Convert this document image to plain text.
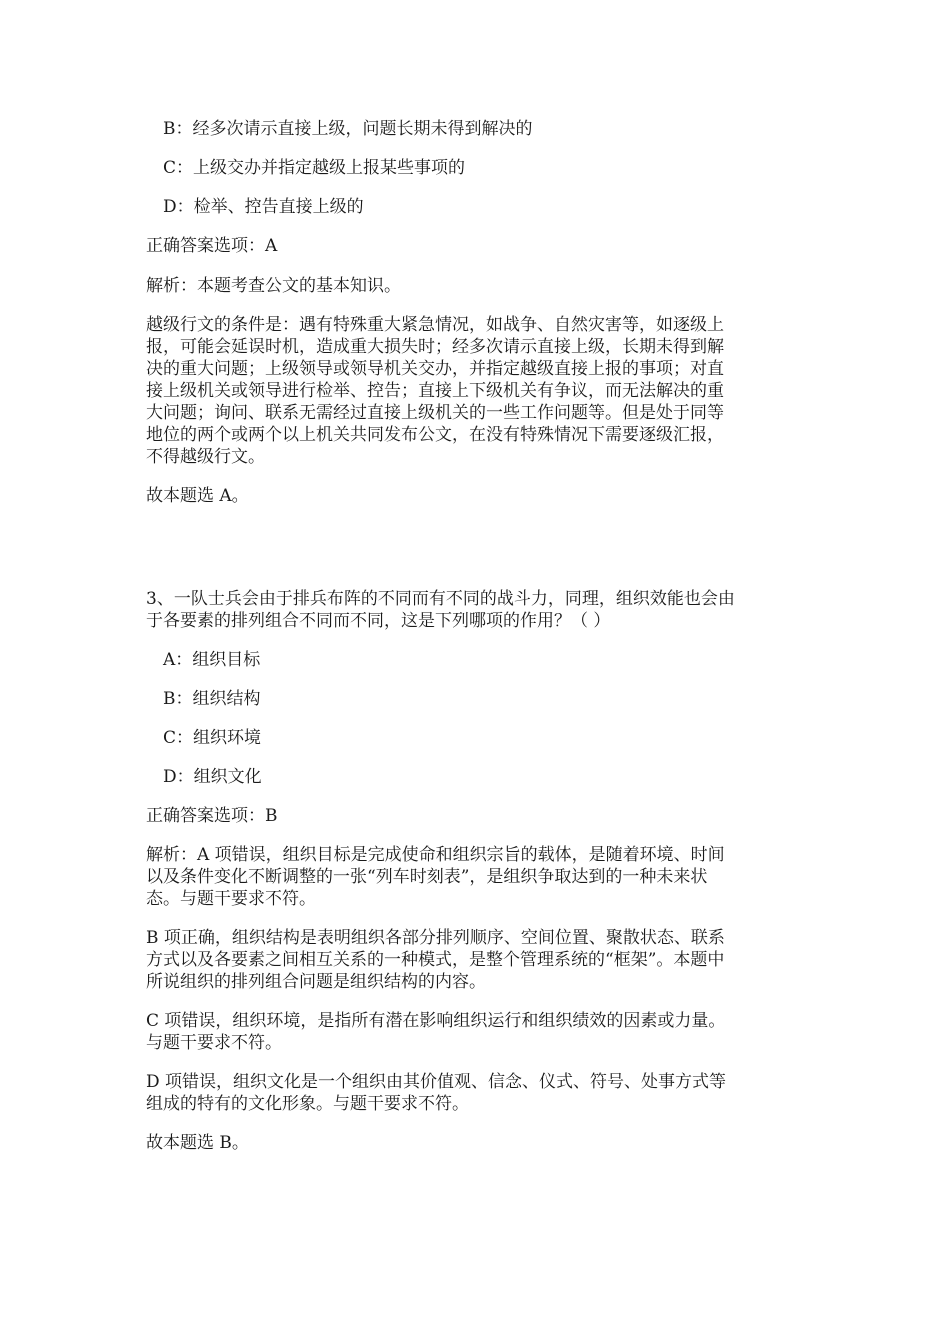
B：经多次请示直接上级，问题长期未得到解决的

C：上级交办并指定越级上报某些事项的

D：检举、控告直接上级的

正确答案选项：A

解析：本题考查公文的基本知识。

越级行文的条件是：遇有特殊重大紧急情况，如战争、自然灾害等，如逐级上
报，可能会延误时机，造成重大损失时；经多次请示直接上级，长期未得到解
决的重大问题；上级领导或领导机关交办，并指定越级直接上报的事项；对直
接上级机关或领导进行检举、控告；直接上下级机关有争议，而无法解决的重
大问题；询问、联系无需经过直接上级机关的一些工作问题等。但是处于同等
地位的两个或两个以上机关共同发布公文，在没有特殊情况下需要逐级汇报，
不得越级行文。

故本题选 A。

3、一队士兵会由于排兵布阵的不同而有不同的战斗力，同理，组织效能也会由
于各要素的排列组合不同而不同，这是下列哪项的作用？（ ）

A：组织目标

B：组织结构

C：组织环境

D：组织文化

正确答案选项：B

解析：A 项错误，组织目标是完成使命和组织宗旨的载体，是随着环境、时间
以及条件变化不断调整的一张“列车时刻表”，是组织争取达到的一种未来状
态。与题干要求不符。
B 项正确，组织结构是表明组织各部分排列顺序、空间位置、聚散状态、联系
方式以及各要素之间相互关系的一种模式，是整个管理系统的“框架”。本题中
所说组织的排列组合问题是组织结构的内容。
C 项错误，组织环境，是指所有潜在影响组织运行和组织绩效的因素或力量。
与题干要求不符。
D 项错误，组织文化是一个组织由其价值观、信念、仪式、符号、处事方式等
组成的特有的文化形象。与题干要求不符。

故本题选 B。
